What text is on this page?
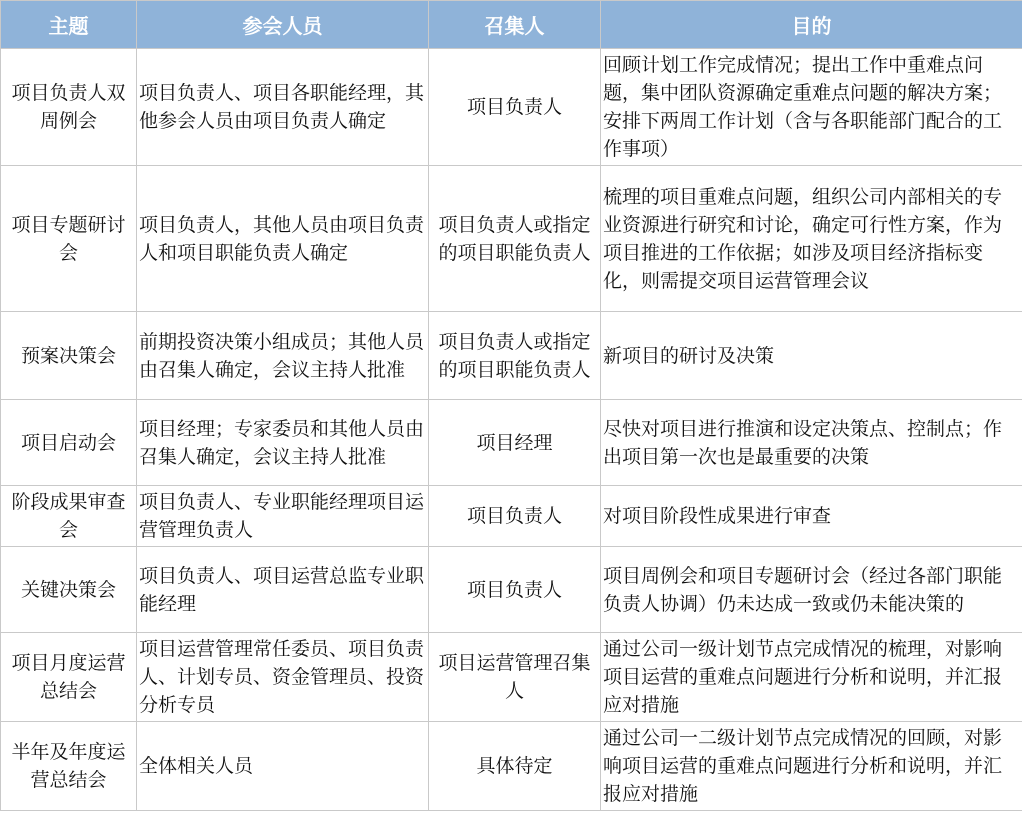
主题	参会人员	召集人	目的
项目负责人双周例会	项目负责人、项目各职能经理，其他参会人员由项目负责人确定	项目负责人	回顾计划工作完成情况；提出工作中重难点问题，集中团队资源确定重难点问题的解决方案；安排下两周工作计划（含与各职能部门配合的工作事项）
项目专题研讨会	项目负责人，其他人员由项目负责人和项目职能负责人确定	项目负责人或指定的项目职能负责人	梳理的项目重难点问题，组织公司内部相关的专业资源进行研究和讨论，确定可行性方案，作为项目推进的工作依据；如涉及项目经济指标变化，则需提交项目运营管理会议
预案决策会	前期投资决策小组成员；其他人员由召集人确定，会议主持人批准	项目负责人或指定的项目职能负责人	新项目的研讨及决策
项目启动会	项目经理；专家委员和其他人员由召集人确定，会议主持人批准	项目经理	尽快对项目进行推演和设定决策点、控制点；作出项目第一次也是最重要的决策
阶段成果审查会	项目负责人、专业职能经理项目运营管理负责人	项目负责人	对项目阶段性成果进行审查
关键决策会	项目负责人、项目运营总监专业职能经理	项目负责人	项目周例会和项目专题研讨会（经过各部门职能负责人协调）仍未达成一致或仍未能决策的
项目月度运营总结会	项目运营管理常任委员、项目负责人、计划专员、资金管理员、投资分析专员	项目运营管理召集人	通过公司一级计划节点完成情况的梳理，对影响项目运营的重难点问题进行分析和说明，并汇报应对措施
半年及年度运营总结会	全体相关人员	具体待定	通过公司一二级计划节点完成情况的回顾，对影响项目运营的重难点问题进行分析和说明，并汇报应对措施
